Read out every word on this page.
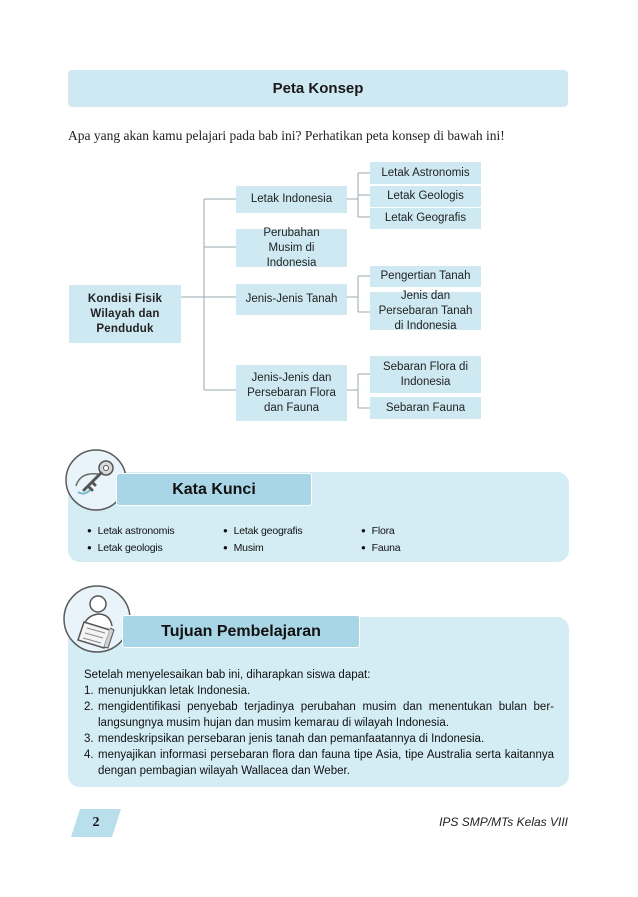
Peta Konsep
Apa yang akan kamu pelajari pada bab ini? Perhatikan peta konsep di bawah ini!
Kondisi Fisik Wilayah dan Penduduk
Letak Indonesia
Perubahan Musim di Indonesia
Jenis-Jenis Tanah
Jenis-Jenis dan Persebaran Flora dan Fauna
Letak Astronomis
Letak Geologis
Letak Geografis
Pengertian Tanah
Jenis dan Persebaran Tanah di Indonesia
Sebaran Flora di Indonesia
Sebaran Fauna
Kata Kunci
● Letak astronomis
● Letak geologis
● Letak geografis
● Musim
● Flora
● Fauna
Tujuan Pembelajaran
Setelah menyelesaikan bab ini, diharapkan siswa dapat:
1. menunjukkan letak Indonesia.
2. mengidentifikasi penyebab terjadinya perubahan musim dan menentukan bulan ber-langsungnya musim hujan dan musim kemarau di wilayah Indonesia.
3. mendeskripsikan persebaran jenis tanah dan pemanfaatannya di Indonesia.
4. menyajikan informasi persebaran flora dan fauna tipe Asia, tipe Australia serta kaitannya dengan pembagian wilayah Wallacea dan Weber.
2	IPS SMP/MTs Kelas VIII
